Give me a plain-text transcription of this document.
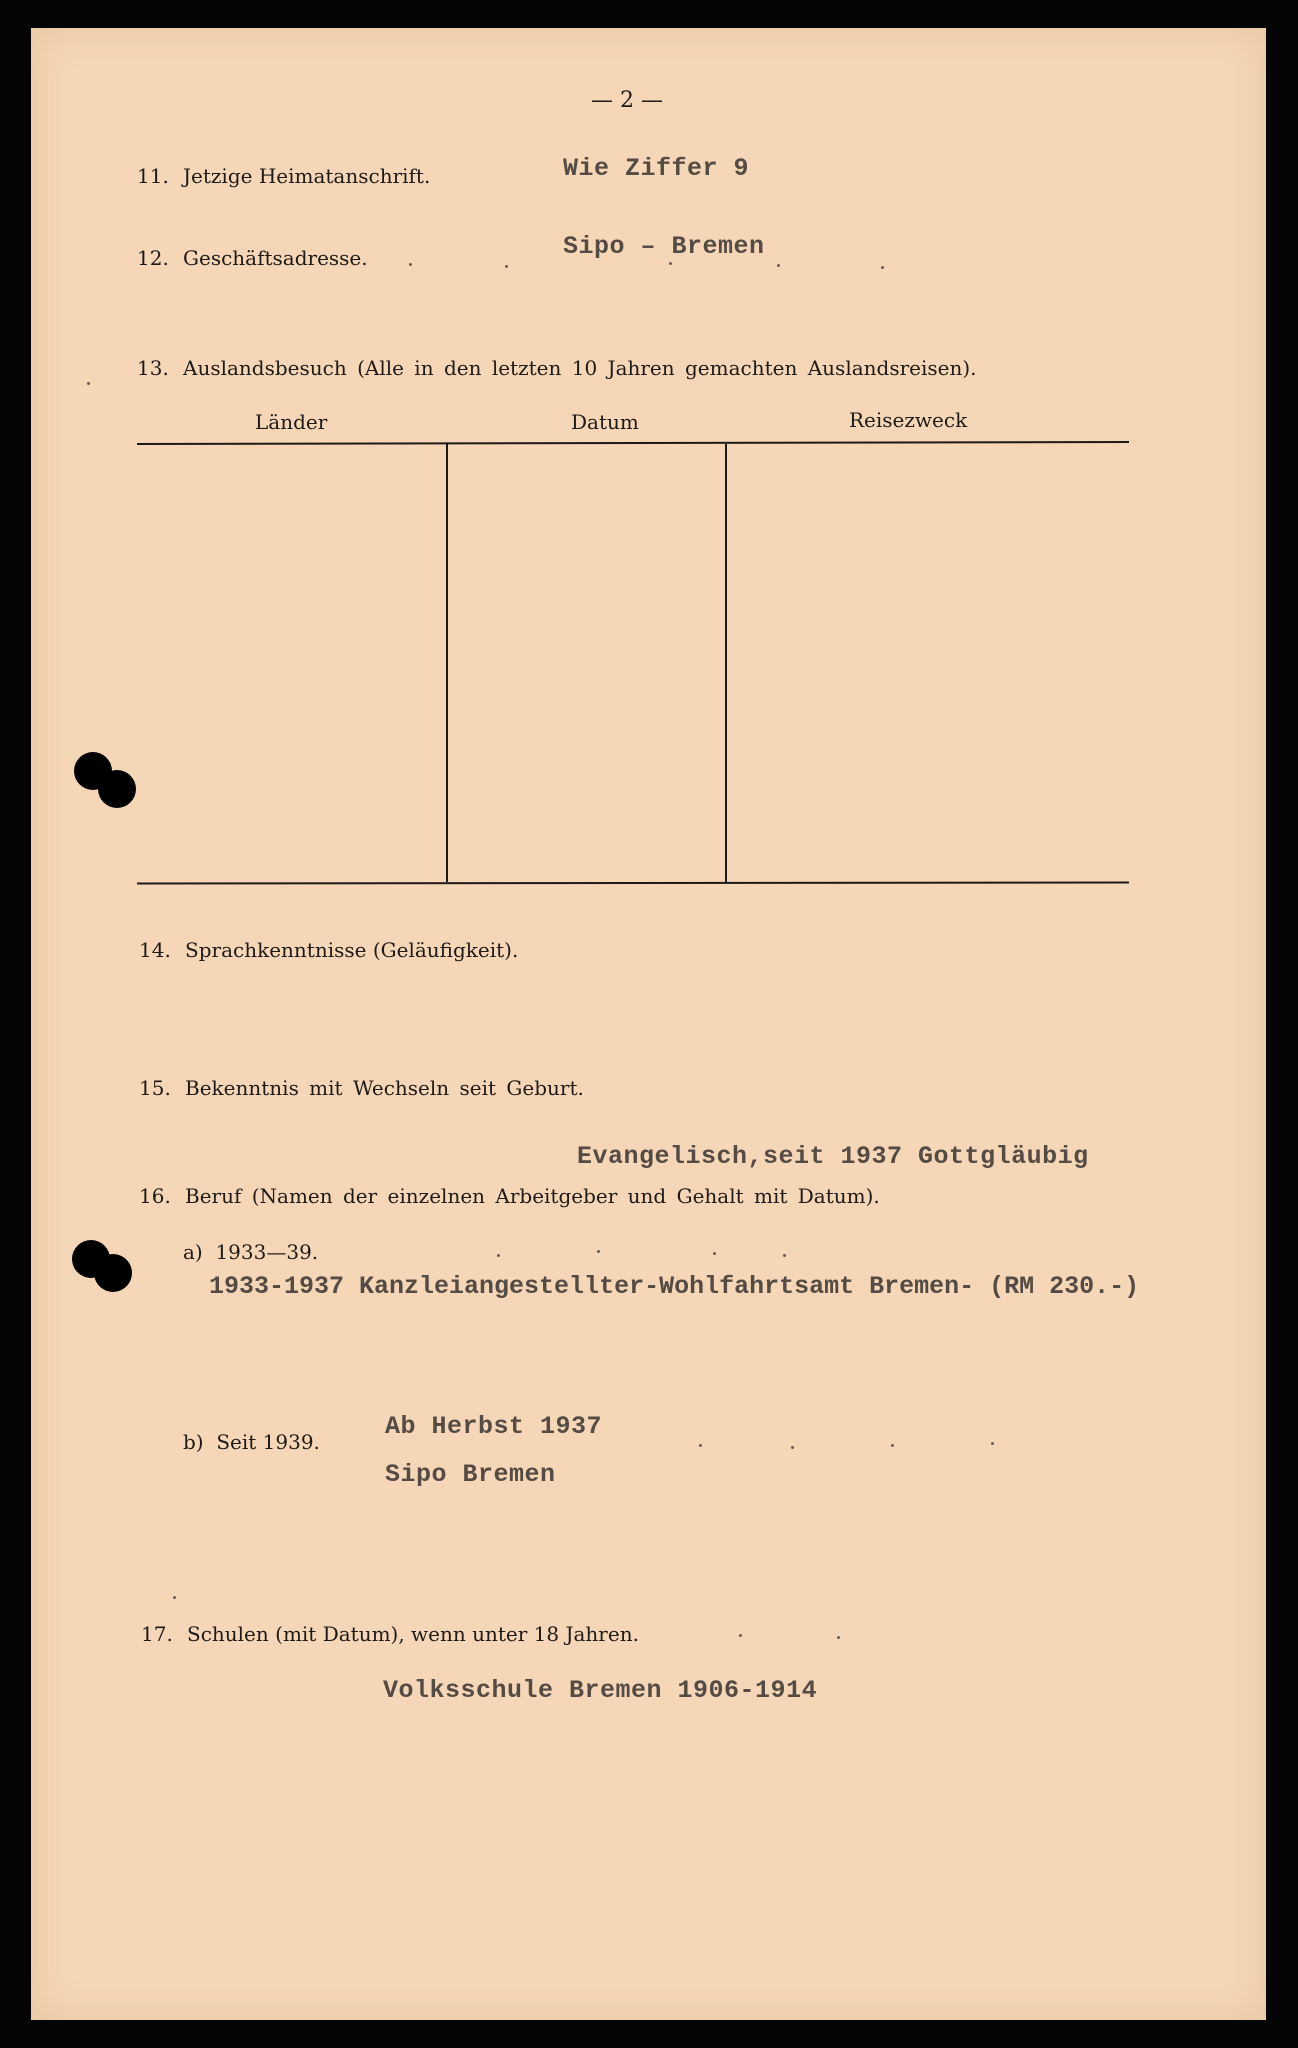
— 2 —
11. Jetzige Heimatanschrift.	Wie Ziffer 9
12. Geschäftsadresse.	Sipo – Bremen
13. Auslandsbesuch (Alle in den letzten 10 Jahren gemachten Auslandsreisen).
Länder	Datum	Reisezweck
14. Sprachkenntnisse (Geläufigkeit).
15. Bekenntnis mit Wechseln seit Geburt.
Evangelisch,seit 1937 Gottgläubig
16. Beruf (Namen der einzelnen Arbeitgeber und Gehalt mit Datum).
a) 1933—39.
1933-1937 Kanzleiangestellter-Wohlfahrtsamt Bremen- (RM 230.-)
b) Seit 1939.
Ab Herbst 1937
Sipo Bremen
17. Schulen (mit Datum), wenn unter 18 Jahren.
Volksschule Bremen 1906-1914
